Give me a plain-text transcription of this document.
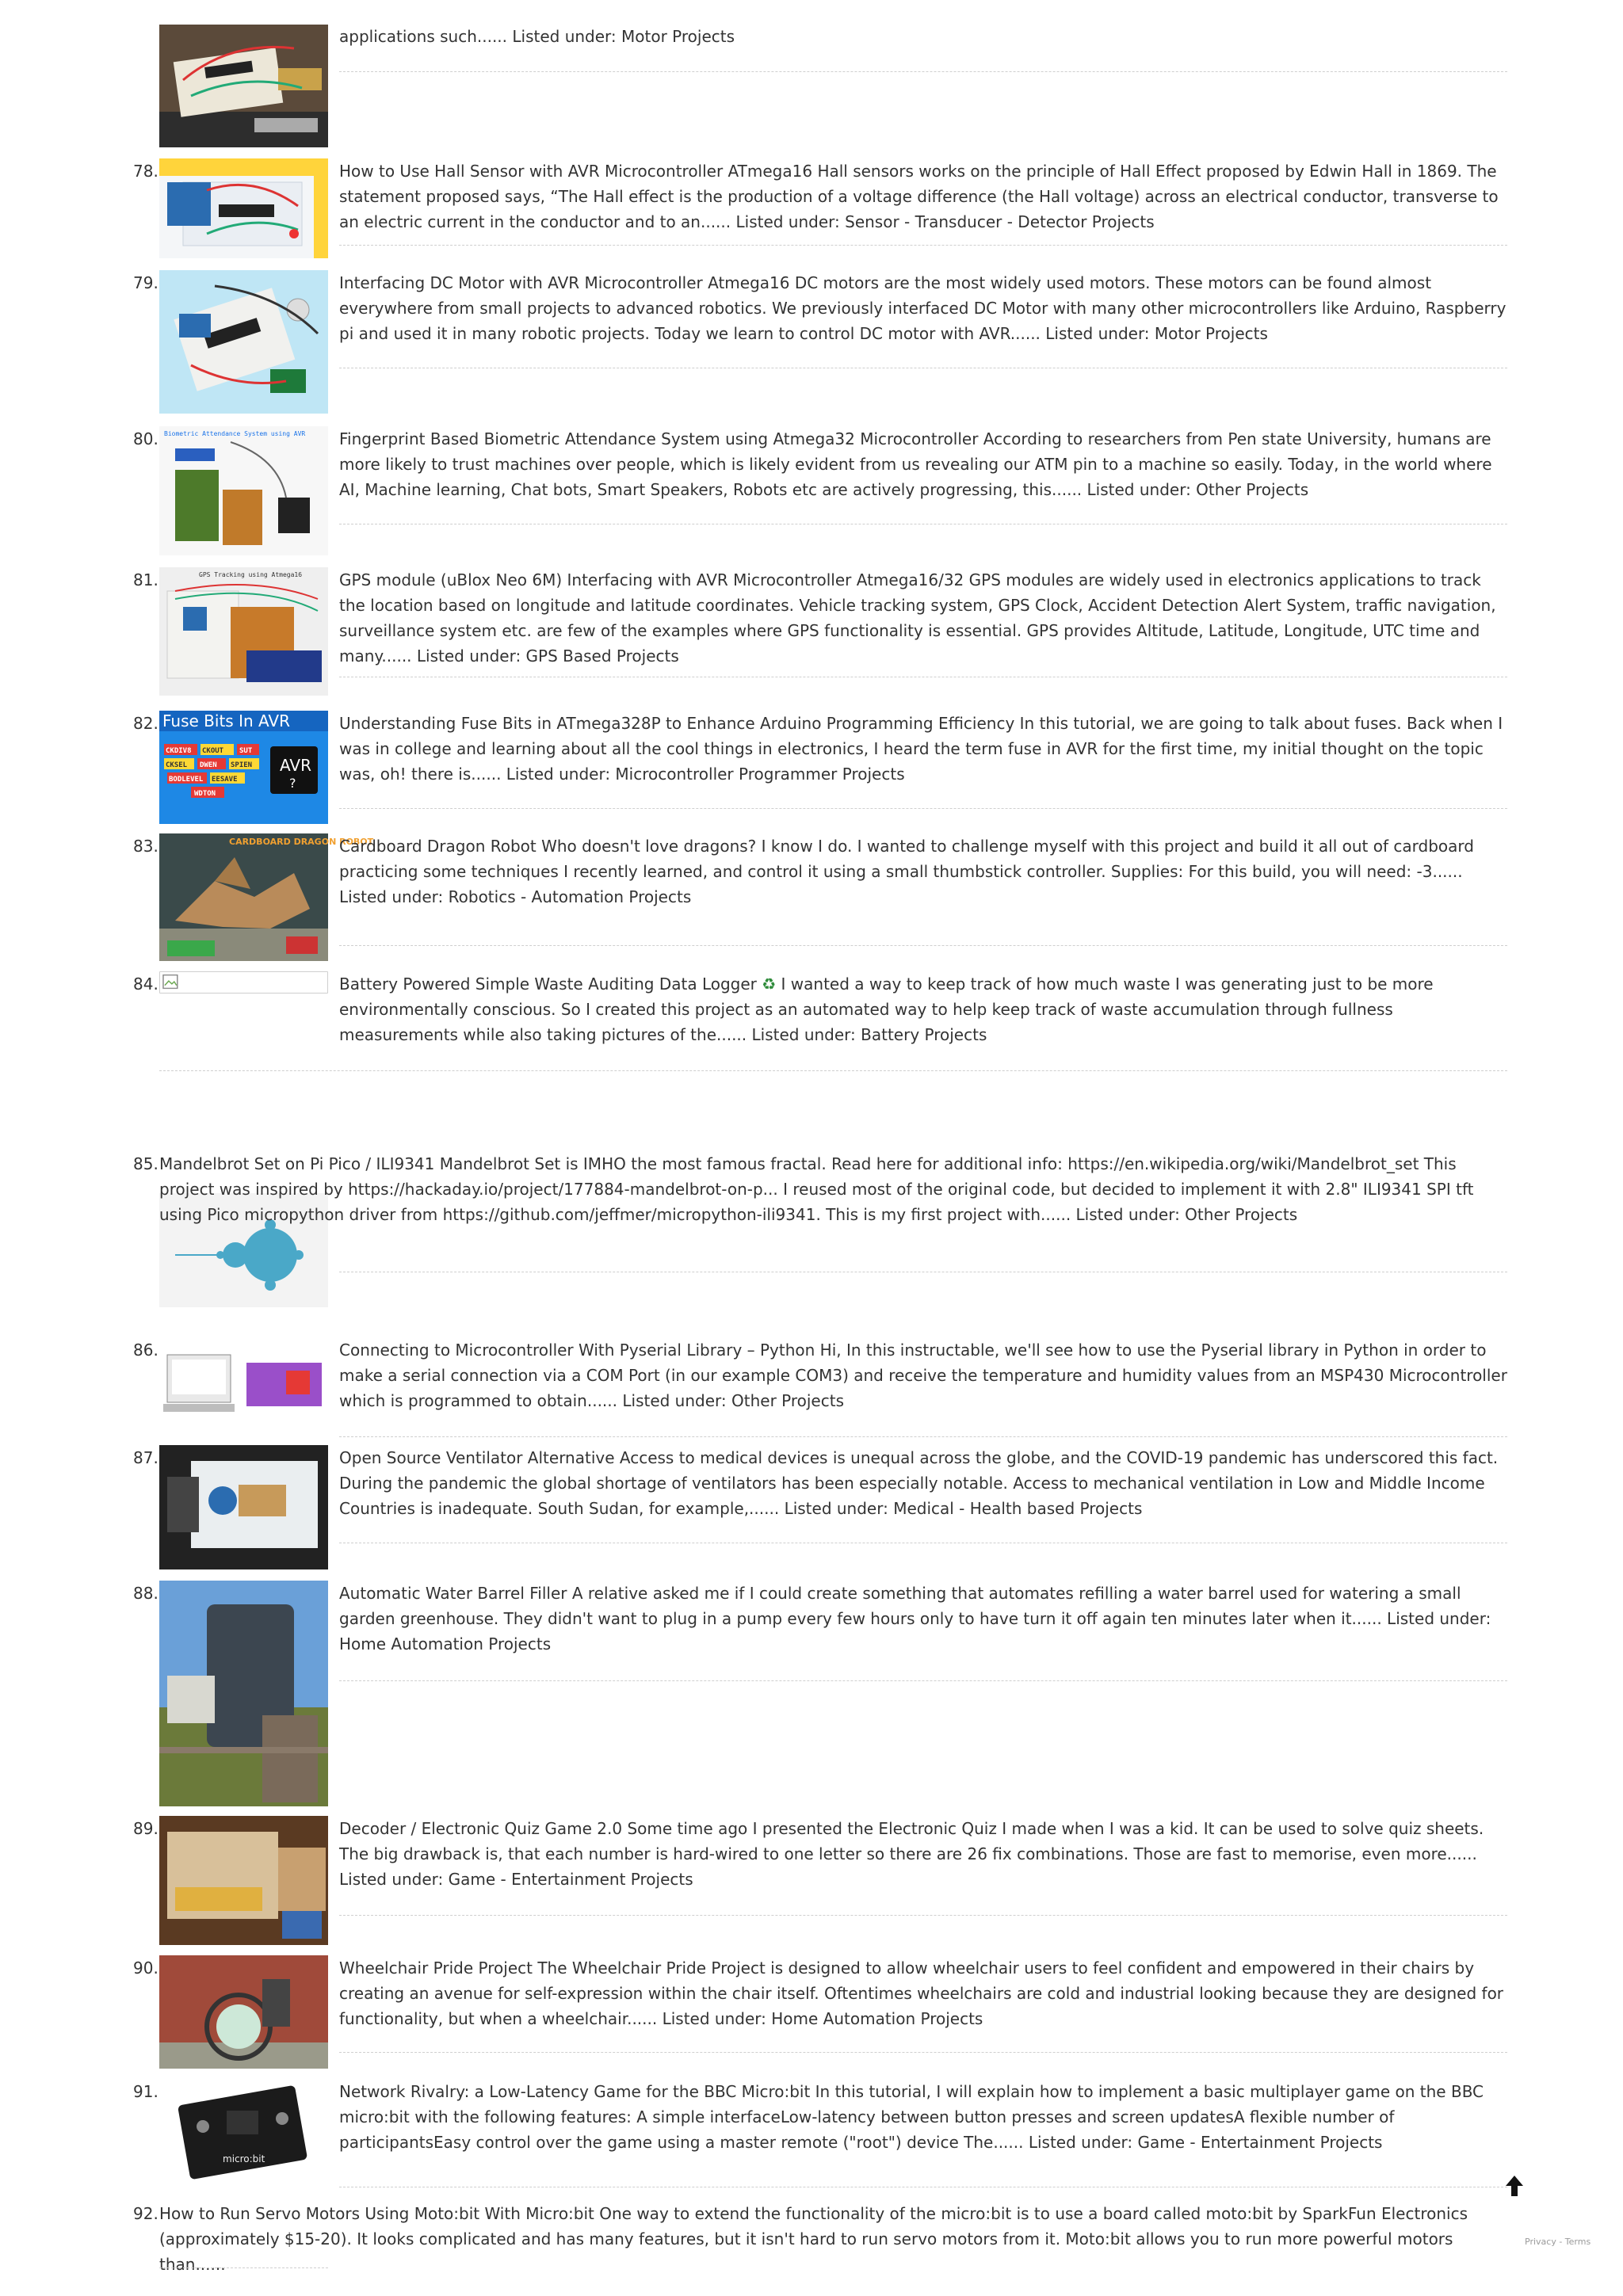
applications such...... Listed under: Motor Projects
78.	How to Use Hall Sensor with AVR Microcontroller ATmega16 Hall sensors works on the principle of Hall Effect proposed by Edwin Hall in 1869. The statement proposed says, “The Hall effect is the production of a voltage difference (the Hall voltage) across an electrical conductor, transverse to an electric current in the conductor and to an...... Listed under: Sensor - Transducer - Detector Projects
79.	Interfacing DC Motor with AVR Microcontroller Atmega16 DC motors are the most widely used motors. These motors can be found almost everywhere from small projects to advanced robotics. We previously interfaced DC Motor with many other microcontrollers like Arduino, Raspberry pi and used it in many robotic projects. Today we learn to control DC motor with AVR...... Listed under: Motor Projects
80. Biometric Attendance System using AVR Fingerprint Based Biometric Attendance System using Atmega32 Microcontroller According to researchers from Pen state University, humans are more likely to trust machines over people, which is likely evident from us revealing our ATM pin to a machine so easily. Today, in the world where AI, Machine learning, Chat bots, Smart Speakers, Robots etc are actively progressing, this...... Listed under: Other Projects
81.	GPS Tracking using Atmega16 GPS module (uBlox Neo 6M) Interfacing with AVR Microcontroller Atmega16/32 GPS modules are widely used in electronics applications to track the location based on longitude and latitude coordinates. Vehicle tracking system, GPS Clock, Accident Detection Alert System, traffic navigation, surveillance system etc. are few of the examples where GPS functionality is essential. GPS provides Altitude, Latitude, Longitude, UTC time and many...... Listed under: GPS Based Projects
82. Fuse Bits In AVR
CKDIV8 CKOUT SUT
CKSEL DWEN SPIEN
BODLEVEL EESAVE
WDTON
AVR
?
Understanding Fuse Bits in ATmega328P to Enhance Arduino Programming Efficiency In this tutorial, we are going to talk about fuses. Back when I was in college and learning about all the cool things in electronics, I heard the term fuse in AVR for the first time, my initial thought on the topic was, oh! there is...... Listed under: Microcontroller Programmer Projects
83.	CARDBOARD DRAGON ROBOT
Cardboard Dragon Robot Who doesn't love dragons? I know I do. I wanted to challenge myself with this project and build it all out of cardboard practicing some techniques I recently learned, and control it using a small thumbstick controller. Supplies: For this build, you will need: -3...... Listed under: Robotics - Automation Projects
84.	Battery Powered Simple Waste Auditing Data Logger ♻ I wanted a way to keep track of how much waste I was generating just to be more environmentally conscious. So I created this project as an automated way to help keep track of waste accumulation through fullness measurements while also taking pictures of the...... Listed under: Battery Projects
85. Mandelbrot Set on Pi Pico / ILI9341 Mandelbrot Set is IMHO the most famous fractal. Read here for additional info: https://en.wikipedia.org/wiki/Mandelbrot_set This project was inspired by https://hackaday.io/project/177884-mandelbrot-on-p... I reused most of the original code, but decided to implement it with 2.8" ILI9341 SPI tft using Pico micropython driver from https://github.com/jeffmer/micropython-ili9341. This is my first project with...... Listed under: Other Projects
86.	Connecting to Microcontroller With Pyserial Library – Python Hi, In this instructable, we'll see how to use the Pyserial library in Python in order to make a serial connection via a COM Port (in our example COM3) and receive the temperature and humidity values from an MSP430 Microcontroller which is programmed to obtain...... Listed under: Other Projects
87.	Open Source Ventilator Alternative Access to medical devices is unequal across the globe, and the COVID-19 pandemic has underscored this fact. During the pandemic the global shortage of ventilators has been especially notable. Access to mechanical ventilation in Low and Middle Income Countries is inadequate. South Sudan, for example,...... Listed under: Medical - Health based Projects
88.	Automatic Water Barrel Filler A relative asked me if I could create something that automates refilling a water barrel used for watering a small garden greenhouse. They didn't want to plug in a pump every few hours only to have turn it off again ten minutes later when it...... Listed under: Home Automation Projects
89.	Decoder / Electronic Quiz Game 2.0 Some time ago I presented the Electronic Quiz I made when I was a kid. It can be used to solve quiz sheets. The big drawback is, that each number is hard-wired to one letter so there are 26 fix combinations. Those are fast to memorise, even more...... Listed under: Game - Entertainment Projects
90.	Wheelchair Pride Project The Wheelchair Pride Project is designed to allow wheelchair users to feel confident and empowered in their chairs by creating an avenue for self-expression within the chair itself. Oftentimes wheelchairs are cold and industrial looking because they are designed for functionality, but when a wheelchair...... Listed under: Home Automation Projects
91.
micro:bit
Network Rivalry: a Low-Latency Game for the BBC Micro:bit In this tutorial, I will explain how to implement a basic multiplayer game on the BBC micro:bit with the following features: A simple interfaceLow-latency between button presses and screen updatesA flexible number of participantsEasy control over the game using a master remote ("root") device The...... Listed under: Game - Entertainment Projects
92. How to Run Servo Motors Using Moto:bit With Micro:bit One way to extend the functionality of the micro:bit is to use a board called moto:bit by SparkFun Electronics (approximately $15-20). It looks complicated and has many features, but it isn't hard to run servo motors from it. Moto:bit allows you to run more powerful motors than......
Privacy - Terms
